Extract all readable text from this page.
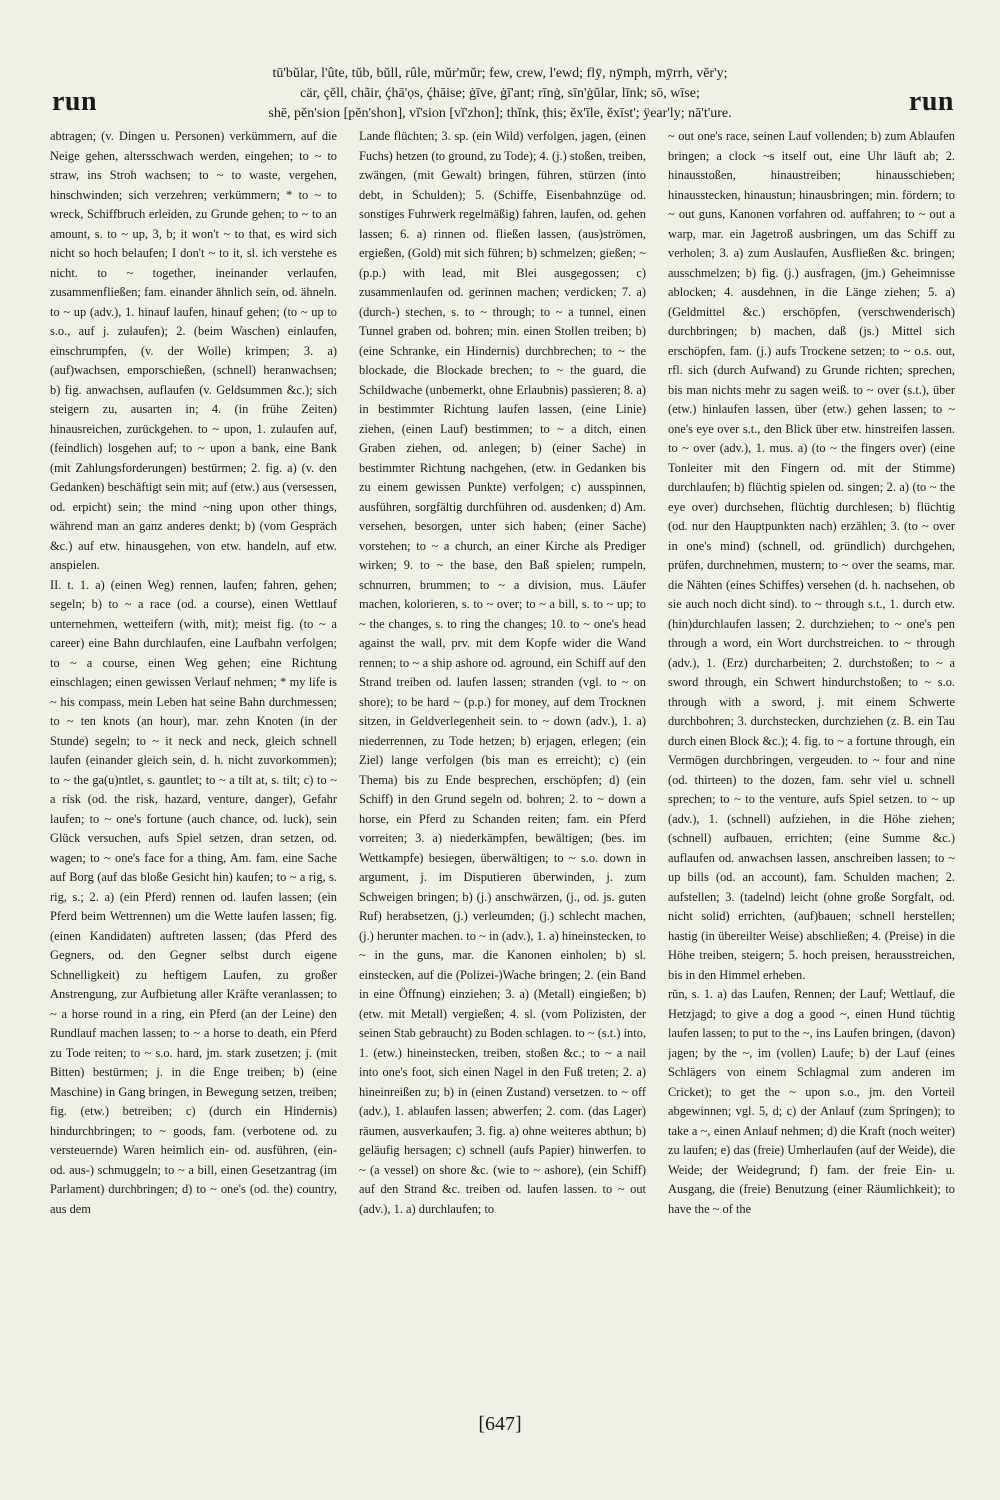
run	run
tū'bŭlar, l'ûte, tŭb, bŭll, rûle, mŭr'mŭr; few, crew, l'ewd; flȳ, nȳmph, mȳrrh, vĕr'y;
cär, çĕll, chãir, ḉhā'ọs, ḉhāise; ġīve, ġī'ant; rīnġ, sīn'ġŭlar, līnk; sō, wīse;
shē, pĕn'sion [pĕn'shon], vĭ'sion [vĭ'zhon]; thĭnk, ṭhis; ĕx'īle, ĕxīst'; ÿear'ly; nā't'ure.

abtragen; (v. Dingen u. Personen) verkümmern, auf die Neige gehen, altersschwach werden, eingehen; to ~ to straw, ins Stroh wachsen; to ~ to waste, vergehen, hinschwinden; sich verzehren; verkümmern; * to ~ to wreck, Schiffbruch erleiden, zu Grunde gehen; to ~ to an amount, s. to ~ up, 3, b; it won't ~ to that, es wird sich nicht so hoch belaufen; I don't ~ to it, sl. ich verstehe es nicht. to ~ together, ineinander verlaufen, zusammenfließen; fam. einander ähnlich sein, od. ähneln. to ~ up (adv.), 1. hinauf laufen, hinauf gehen; (to ~ up to s.o., auf j. zulaufen); 2. (beim Waschen) einlaufen, einschrumpfen, (v. der Wolle) krimpen; 3. a) (auf)wachsen, emporschießen, (schnell) heranwachsen; b) fig. anwachsen, auflaufen (v. Geldsummen &c.); sich steigern zu, ausarten in; 4. (in frühe Zeiten) hinausreichen, zurückgehen. to ~ upon, 1. zulaufen auf, (feindlich) losgehen auf; to ~ upon a bank, eine Bank (mit Zahlungsforderungen) bestürmen; 2. fig. a) (v. den Gedanken) beschäftigt sein mit; auf (etw.) aus (versessen, od. erpicht) sein; the mind ~ning upon other things, während man an ganz anderes denkt; b) (vom Gespräch &c.) auf etw. hinausgehen, von etw. handeln, auf etw. anspielen.

II. t. 1. a) (einen Weg) rennen, laufen; fahren, gehen; segeln; b) to ~ a race (od. a course), einen Wettlauf unternehmen, wetteifern (with, mit); meist fig. (to ~ a career) eine Bahn durchlaufen, eine Laufbahn verfolgen; to ~ a course, einen Weg gehen; eine Richtung einschlagen; einen gewissen Verlauf nehmen; * my life is ~ his compass, mein Leben hat seine Bahn durchmessen; to ~ ten knots (an hour), mar. zehn Knoten (in der Stunde) segeln; to ~ it neck and neck, gleich schnell laufen (einander gleich sein, d. h. nicht zuvorkommen); to ~ the ga(u)ntlet, s. gauntlet; to ~ a tilt at, s. tilt; c) to ~ a risk (od. the risk, hazard, venture, danger), Gefahr laufen; to ~ one's fortune (auch chance, od. luck), sein Glück versuchen, aufs Spiel setzen, dran setzen, od. wagen; to ~ one's face for a thing, Am. fam. eine Sache auf Borg (auf das bloße Gesicht hin) kaufen; to ~ a rig, s. rig, s.; 2. a) (ein Pferd) rennen od. laufen lassen; (ein Pferd beim Wettrennen) um die Wette laufen lassen; fig. (einen Kandidaten) auftreten lassen; (das Pferd des Gegners, od. den Gegner selbst durch eigene Schnelligkeit) zu heftigem Laufen, zu großer Anstrengung, zur Aufbietung aller Kräfte veranlassen; to ~ a horse round in a ring, ein Pferd (an der Leine) den Rundlauf machen lassen; to ~ a horse to death, ein Pferd zu Tode reiten; to ~ s.o. hard, jm. stark zusetzen; j. (mit Bitten) bestürmen; j. in die Enge treiben; b) (eine Maschine) in Gang bringen, in Bewegung setzen, treiben; fig. (etw.) betreiben; c) (durch ein Hindernis) hindurchbringen; to ~ goods, fam. (verbotene od. zu versteuernde) Waren heimlich ein- od. ausführen, (ein- od. aus-) schmuggeln; to ~ a bill, einen Gesetzantrag (im Parlament) durchbringen; d) to ~ one's (od. the) country, aus dem

Lande flüchten; 3. sp. (ein Wild) verfolgen, jagen, (einen Fuchs) hetzen (to ground, zu Tode); 4. (j.) stoßen, treiben, zwängen, (mit Gewalt) bringen, führen, stürzen (into debt, in Schulden); 5. (Schiffe, Eisenbahnzüge od. sonstiges Fuhrwerk regelmäßig) fahren, laufen, od. gehen lassen; 6. a) rinnen od. fließen lassen, (aus)strömen, ergießen, (Gold) mit sich führen; b) schmelzen; gießen; ~ (p.p.) with lead, mit Blei ausgegossen; c) zusammenlaufen od. gerinnen machen; verdicken; 7. a) (durch-) stechen, s. to ~ through; to ~ a tunnel, einen Tunnel graben od. bohren; min. einen Stollen treiben; b) (eine Schranke, ein Hindernis) durchbrechen; to ~ the blockade, die Blockade brechen; to ~ the guard, die Schildwache (unbemerkt, ohne Erlaubnis) passieren; 8. a) in bestimmter Richtung laufen lassen, (eine Linie) ziehen, (einen Lauf) bestimmen; to ~ a ditch, einen Graben ziehen, od. anlegen; b) (einer Sache) in bestimmter Richtung nachgehen, (etw. in Gedanken bis zu einem gewissen Punkte) verfolgen; c) ausspinnen, ausführen, sorgfältig durchführen od. ausdenken; d) Am. versehen, besorgen, unter sich haben; (einer Sache) vorstehen; to ~ a church, an einer Kirche als Prediger wirken; 9. to ~ the base, den Baß spielen; rumpeln, schnurren, brummen; to ~ a division, mus. Läufer machen, kolorieren, s. to ~ over; to ~ a bill, s. to ~ up; to ~ the changes, s. to ring the changes; 10. to ~ one's head against the wall, prv. mit dem Kopfe wider die Wand rennen; to ~ a ship ashore od. aground, ein Schiff auf den Strand treiben od. laufen lassen; stranden (vgl. to ~ on shore); to be hard ~ (p.p.) for money, auf dem Trocknen sitzen, in Geldverlegenheit sein. to ~ down (adv.), 1. a) niederrennen, zu Tode hetzen; b) erjagen, erlegen; (ein Ziel) lange verfolgen (bis man es erreicht); c) (ein Thema) bis zu Ende besprechen, erschöpfen; d) (ein Schiff) in den Grund segeln od. bohren; 2. to ~ down a horse, ein Pferd zu Schanden reiten; fam. ein Pferd vorreiten; 3. a) niederkämpfen, bewältigen; (bes. im Wettkampfe) besiegen, überwältigen; to ~ s.o. down in argument, j. im Disputieren überwinden, j. zum Schweigen bringen; b) (j.) anschwärzen, (j., od. js. guten Ruf) herabsetzen, (j.) verleumden; (j.) schlecht machen, (j.) herunter machen. to ~ in (adv.), 1. a) hineinstecken, to ~ in the guns, mar. die Kanonen einholen; b) sl. einstecken, auf die (Polizei-)Wache bringen; 2. (ein Band in eine Öffnung) einziehen; 3. a) (Metall) eingießen; b) (etw. mit Metall) vergießen; 4. sl. (vom Polizisten, der seinen Stab gebraucht) zu Boden schlagen. to ~ (s.t.) into, 1. (etw.) hineinstecken, treiben, stoßen &c.; to ~ a nail into one's foot, sich einen Nagel in den Fuß treten; 2. a) hineinreißen zu; b) in (einen Zustand) versetzen. to ~ off (adv.), 1. ablaufen lassen; abwerfen; 2. com. (das Lager) räumen, ausverkaufen; 3. fig. a) ohne weiteres abthun; b) geläufig hersagen; c) schnell (aufs Papier) hinwerfen. to ~ (a vessel) on shore &c. (wie to ~ ashore), (ein Schiff) auf den Strand &c. treiben od. laufen lassen. to ~ out (adv.), 1. a) durchlaufen; to

~ out one's race, seinen Lauf vollenden; b) zum Ablaufen bringen; a clock ~s itself out, eine Uhr läuft ab; 2. hinausstoßen, hinaustreiben; hinausschieben; hinausstecken, hinaustun; hinausbringen; min. fördern; to ~ out guns, Kanonen vorfahren od. auffahren; to ~ out a warp, mar. ein Jagetroß ausbringen, um das Schiff zu verholen; 3. a) zum Auslaufen, Ausfließen &c. bringen; ausschmelzen; b) fig. (j.) ausfragen, (jm.) Geheimnisse ablocken; 4. ausdehnen, in die Länge ziehen; 5. a) (Geldmittel &c.) erschöpfen, (verschwenderisch) durchbringen; b) machen, daß (js.) Mittel sich erschöpfen, fam. (j.) aufs Trockene setzen; to ~ o.s. out, rfl. sich (durch Aufwand) zu Grunde richten; sprechen, bis man nichts mehr zu sagen weiß. to ~ over (s.t.), über (etw.) hinlaufen lassen, über (etw.) gehen lassen; to ~ one's eye over s.t., den Blick über etw. hinstreifen lassen. to ~ over (adv.), 1. mus. a) (to ~ the fingers over) (eine Tonleiter mit den Fingern od. mit der Stimme) durchlaufen; b) flüchtig spielen od. singen; 2. a) (to ~ the eye over) durchsehen, flüchtig durchlesen; b) flüchtig (od. nur den Hauptpunkten nach) erzählen; 3. (to ~ over in one's mind) (schnell, od. gründlich) durchgehen, prüfen, durchnehmen, mustern; to ~ over the seams, mar. die Nähten (eines Schiffes) versehen (d. h. nachsehen, ob sie auch noch dicht sind). to ~ through s.t., 1. durch etw. (hin)durchlaufen lassen; 2. durchziehen; to ~ one's pen through a word, ein Wort durchstreichen. to ~ through (adv.), 1. (Erz) durcharbeiten; 2. durchstoßen; to ~ a sword through, ein Schwert hindurchstoßen; to ~ s.o. through with a sword, j. mit einem Schwerte durchbohren; 3. durchstecken, durchziehen (z. B. ein Tau durch einen Block &c.); 4. fig. to ~ a fortune through, ein Vermögen durchbringen, vergeuden. to ~ four and nine (od. thirteen) to the dozen, fam. sehr viel u. schnell sprechen; to ~ to the venture, aufs Spiel setzen. to ~ up (adv.), 1. (schnell) aufziehen, in die Höhe ziehen; (schnell) aufbauen, errichten; (eine Summe &c.) auflaufen od. anwachsen lassen, anschreiben lassen; to ~ up bills (od. an account), fam. Schulden machen; 2. aufstellen; 3. (tadelnd) leicht (ohne große Sorgfalt, od. nicht solid) errichten, (auf)bauen; schnell herstellen; hastig (in übereilter Weise) abschließen; 4. (Preise) in die Höhe treiben, steigern; 5. hoch preisen, herausstreichen, bis in den Himmel erheben.

rŭn, s. 1. a) das Laufen, Rennen; der Lauf; Wettlauf, die Hetzjagd; to give a dog a good ~, einen Hund tüchtig laufen lassen; to put to the ~, ins Laufen bringen, (davon) jagen; by the ~, im (vollen) Laufe; b) der Lauf (eines Schlägers von einem Schlagmal zum anderen im Cricket); to get the ~ upon s.o., jm. den Vorteil abgewinnen; vgl. 5, d; c) der Anlauf (zum Springen); to take a ~, einen Anlauf nehmen; d) die Kraft (noch weiter) zu laufen; e) das (freie) Umherlaufen (auf der Weide), die Weide; der Weidegrund; f) fam. der freie Ein- u. Ausgang, die (freie) Benutzung (einer Räumlichkeit); to have the ~ of the

[647]
